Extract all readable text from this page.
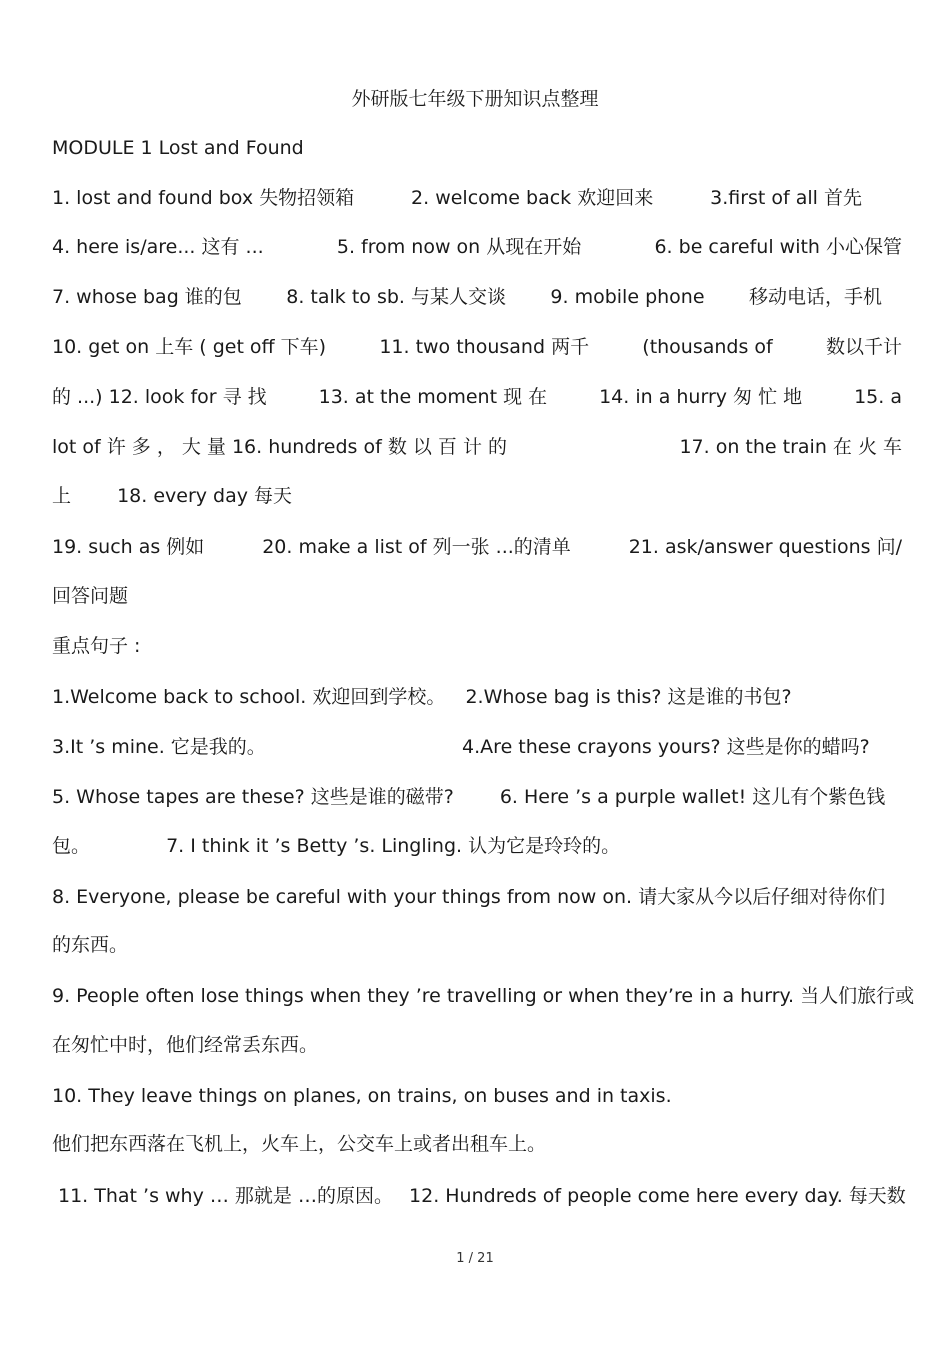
外研版七年级下册知识点整理
MODULE 1 Lost and Found
1. lost and found box 失物招领箱	2. welcome back 欢迎回来	3.first of all 首先
4. here is/are... 这有 ...	5. from now on 从现在开始	6. be careful with 小心保管
7. whose bag 谁的包 8. talk to sb. 与某人交谈 9. mobile phone 移动电话，手机
10. get on 上车 ( get off 下车)	11. two thousand 两千	(thousands of	数以千计
的 ...) 12. look for 寻 找	13. at the moment 现 在	14. in a hurry 匆 忙 地	15. a
lot of 许 多 ， 大 量 16. hundreds of 数 以 百 计 的	17. on the train 在 火 车
上 18. every day 每天
19. such as 例如	20. make a list of 列一张 ...的清单	21. ask/answer questions 问/
回答问题
重点句子 :
1.Welcome back to school. 欢迎回到学校。 2.Whose bag is this? 这是谁的书包?
3.It ’s mine. 它是我的。	4.Are these crayons yours? 这些是你的蜡吗?
5. Whose tapes are these? 这些是谁的磁带? 6. Here ’s a purple wallet! 这儿有个紫色钱
包。	7. I think it ’s Betty ’s. Lingling. 认为它是玲玲的。
8. Everyone, please be careful with your things from now on. 请大家从今以后仔细对待你们
的东西。
9. People often lose things when they ’re travelling or when they’re in a hurry. 当人们旅行或
在匆忙中时，他们经常丢东西。
10. They leave things on planes, on trains, on buses and in taxis.
他们把东西落在飞机上，火车上，公交车上或者出租车上。
11. That ’s why … 那就是 …的原因。 12. Hundreds of people come here every day. 每天数
1 / 21
